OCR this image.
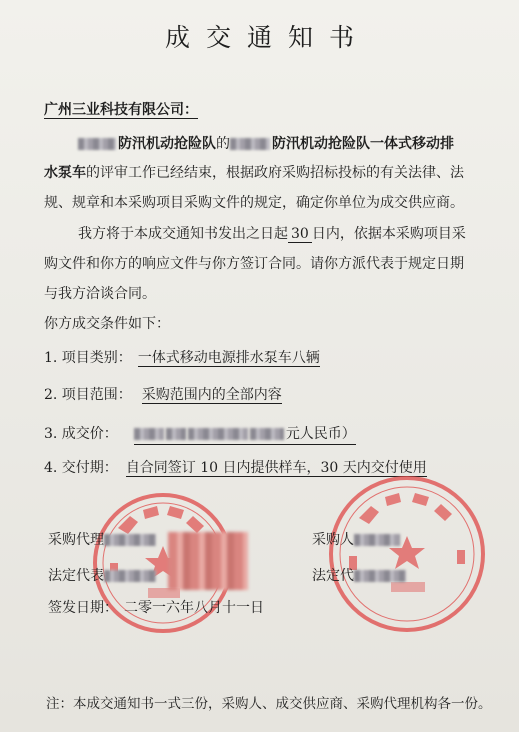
成交通知书
广州三业科技有限公司：
防汛机动抢险队的	防汛机动抢险队一体式移动排
水泵车的评审工作已经结束，根据政府采购招标投标的有关法律、法
规、规章和本采购项目采购文件的规定，确定你单位为成交供应商。
我方将于本成交通知书发出之日起 30 日内，依据本采购项目采
购文件和你方的响应文件与你方签订合同。请你方派代表于规定日期
与我方洽谈合同。
你方成交条件如下：
1. 项目类别： 一体式移动电源排水泵车八辆
2. 项目范围： 采购范围内的全部内容
3. 成交价：	元人民币）
4. 交付期： 自合同签订 10 日内提供样车，30 天内交付使用
采购代理
法定代表
采购人
法定代
签发日期： 二零一六年八月十一日
注：本成交通知书一式三份，采购人、成交供应商、采购代理机构各一份。
